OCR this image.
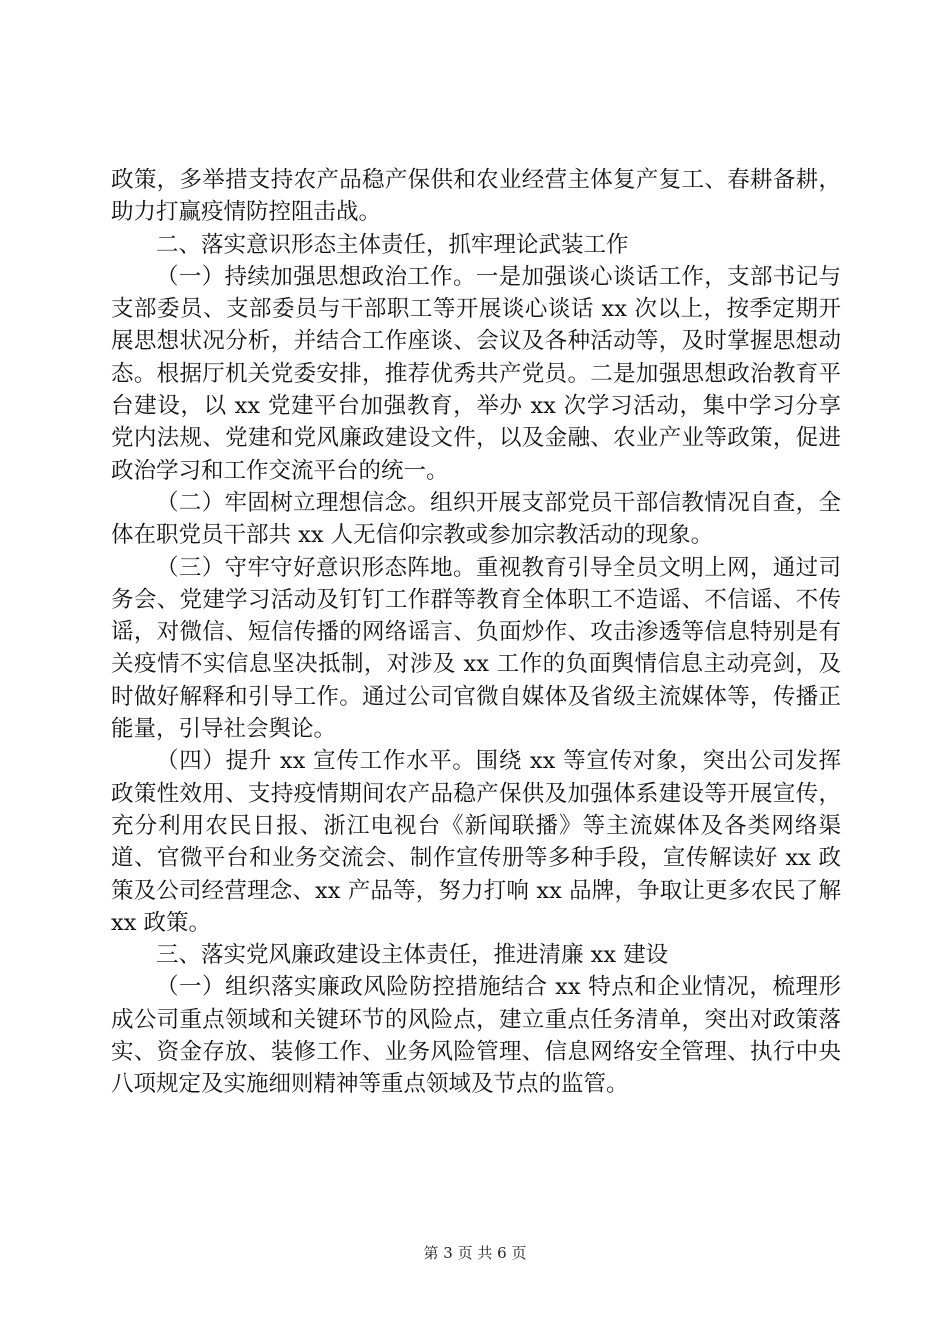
政策，多举措支持农产品稳产保供和农业经营主体复产复工、春耕备耕，助力打赢疫情防控阻击战。

二、落实意识形态主体责任，抓牢理论武装工作

（一）持续加强思想政治工作。一是加强谈心谈话工作，支部书记与支部委员、支部委员与干部职工等开展谈心谈话 xx 次以上，按季定期开展思想状况分析，并结合工作座谈、会议及各种活动等，及时掌握思想动态。根据厅机关党委安排，推荐优秀共产党员。二是加强思想政治教育平台建设，以 xx 党建平台加强教育，举办 xx 次学习活动，集中学习分享党内法规、党建和党风廉政建设文件，以及金融、农业产业等政策，促进政治学习和工作交流平台的统一。

（二）牢固树立理想信念。组织开展支部党员干部信教情况自查，全体在职党员干部共 xx 人无信仰宗教或参加宗教活动的现象。

（三）守牢守好意识形态阵地。重视教育引导全员文明上网，通过司务会、党建学习活动及钉钉工作群等教育全体职工不造谣、不信谣、不传谣，对微信、短信传播的网络谣言、负面炒作、攻击渗透等信息特别是有关疫情不实信息坚决抵制，对涉及 xx 工作的负面舆情信息主动亮剑，及时做好解释和引导工作。通过公司官微自媒体及省级主流媒体等，传播正能量，引导社会舆论。

（四）提升 xx 宣传工作水平。围绕 xx 等宣传对象，突出公司发挥政策性效用、支持疫情期间农产品稳产保供及加强体系建设等开展宣传，充分利用农民日报、浙江电视台《新闻联播》等主流媒体及各类网络渠道、官微平台和业务交流会、制作宣传册等多种手段，宣传解读好 xx 政策及公司经营理念、xx 产品等，努力打响 xx 品牌，争取让更多农民了解 xx 政策。

三、落实党风廉政建设主体责任，推进清廉 xx 建设

（一）组织落实廉政风险防控措施结合 xx 特点和企业情况，梳理形成公司重点领域和关键环节的风险点，建立重点任务清单，突出对政策落实、资金存放、装修工作、业务风险管理、信息网络安全管理、执行中央八项规定及实施细则精神等重点领域及节点的监管。

第 3 页 共 6 页
